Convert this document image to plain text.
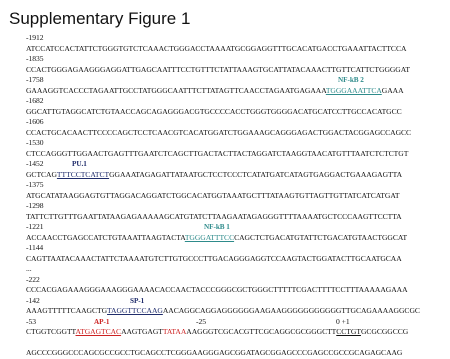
Supplementary Figure 1
-1912
ATCCATCCACTATTCTGGGTGTCTCAAACTGGGACCTAAAATGCGGAGGTTTGCACATGACCTGAAATTACTTCCA
-1835
CCACTGGGAGAAGGGAGGATTGAGCAATTTCCTGTTTCTATTAAAGTGCATTATACAAACTTGTTCATTCTGGGGAT
-1758	NF-kB 2
GAAAGGTCACCCTAGAATTGCCTATGGGCAATTTCTTATAGTTCAACCTAGAATGAGAAATGGGAAATTCAGAAA
-1682
GGCATTGTAGGCATCTGTAACCAGCAGAGGGACGTGCCCCACCTGGGTGGGGACATGCATCCTTGCCACATGCC
-1606
CCACTGCACAACTTCCCCAGCTCCTCAACGTCACATGGATCTGGAAAGCAGGGAGACTGGACTACGGAGCCAGCC
-1530
CTCCAGGGTTGGAACTGAGTTTGAATCTCAGCTTGACTACTTACTAGGATCTAAGGTAACATGTTTAATCTCTCTGT
-1452	PU.1
GCTCAGTTTCCTCATCTGGAAATAGAGATTATAATGCTCCTCCCTCATATGATCATAGTGAGGACTGAAAGAGTTA
-1375
ATGCATATAAGGAGTGTTAGGACAGGATCTGGCACATGGTAAATGCTTTATAAGTGTTAGTTGTTATCATCATGAT
-1298
TATTCTTGTTTGAATTATAAGAGAAAAAGCATGTATCTTAAGAATAGAGGGTTTTAAAATGCTCCCAAGTTCCTTA
-1221	NF-kB 1
ACCAACCTGAGCCATCTGTAAATTAAGTACTATGGGATTTCCCAGCTCTGACATGTATTCTGACATGTAACTGGCAT
-1144
CAGTTAATACAAACTATTCTAAAATGTCTTGTGCCCTTGACAGGGAGGTCCAAGTACTGGATACTTGCAATGCAA
...
-222
CCCACGAGAAAGGGAAAGGGAAAACACCAACTACCCGGGCGCTGGGCTTTTTCGACTTTTCCTTTAAAAAGAAA
-142	SP-1
AAAGTTTTTCAAGCTGTAGGTTCCAAGAACAGGCAGGAGGGGGGAAGAAGGGGGGGGGGGTTGCAGAAAAGGCGC
-53	AP-1	-25	0 +1
CTGGTCGGTTATGAGTCACAAGTGAGTTATAAAAGGGTCGCACGTTCGCAGGCGCGGGCTTCCTGTGCGCGGCCG
AGCCCGGGCCCAGCGCCGCCTGCAGCCTCGGGAAGGGAGCGGATAGCGGAGCCCGAGCCGCCGCAGAGCAAG
